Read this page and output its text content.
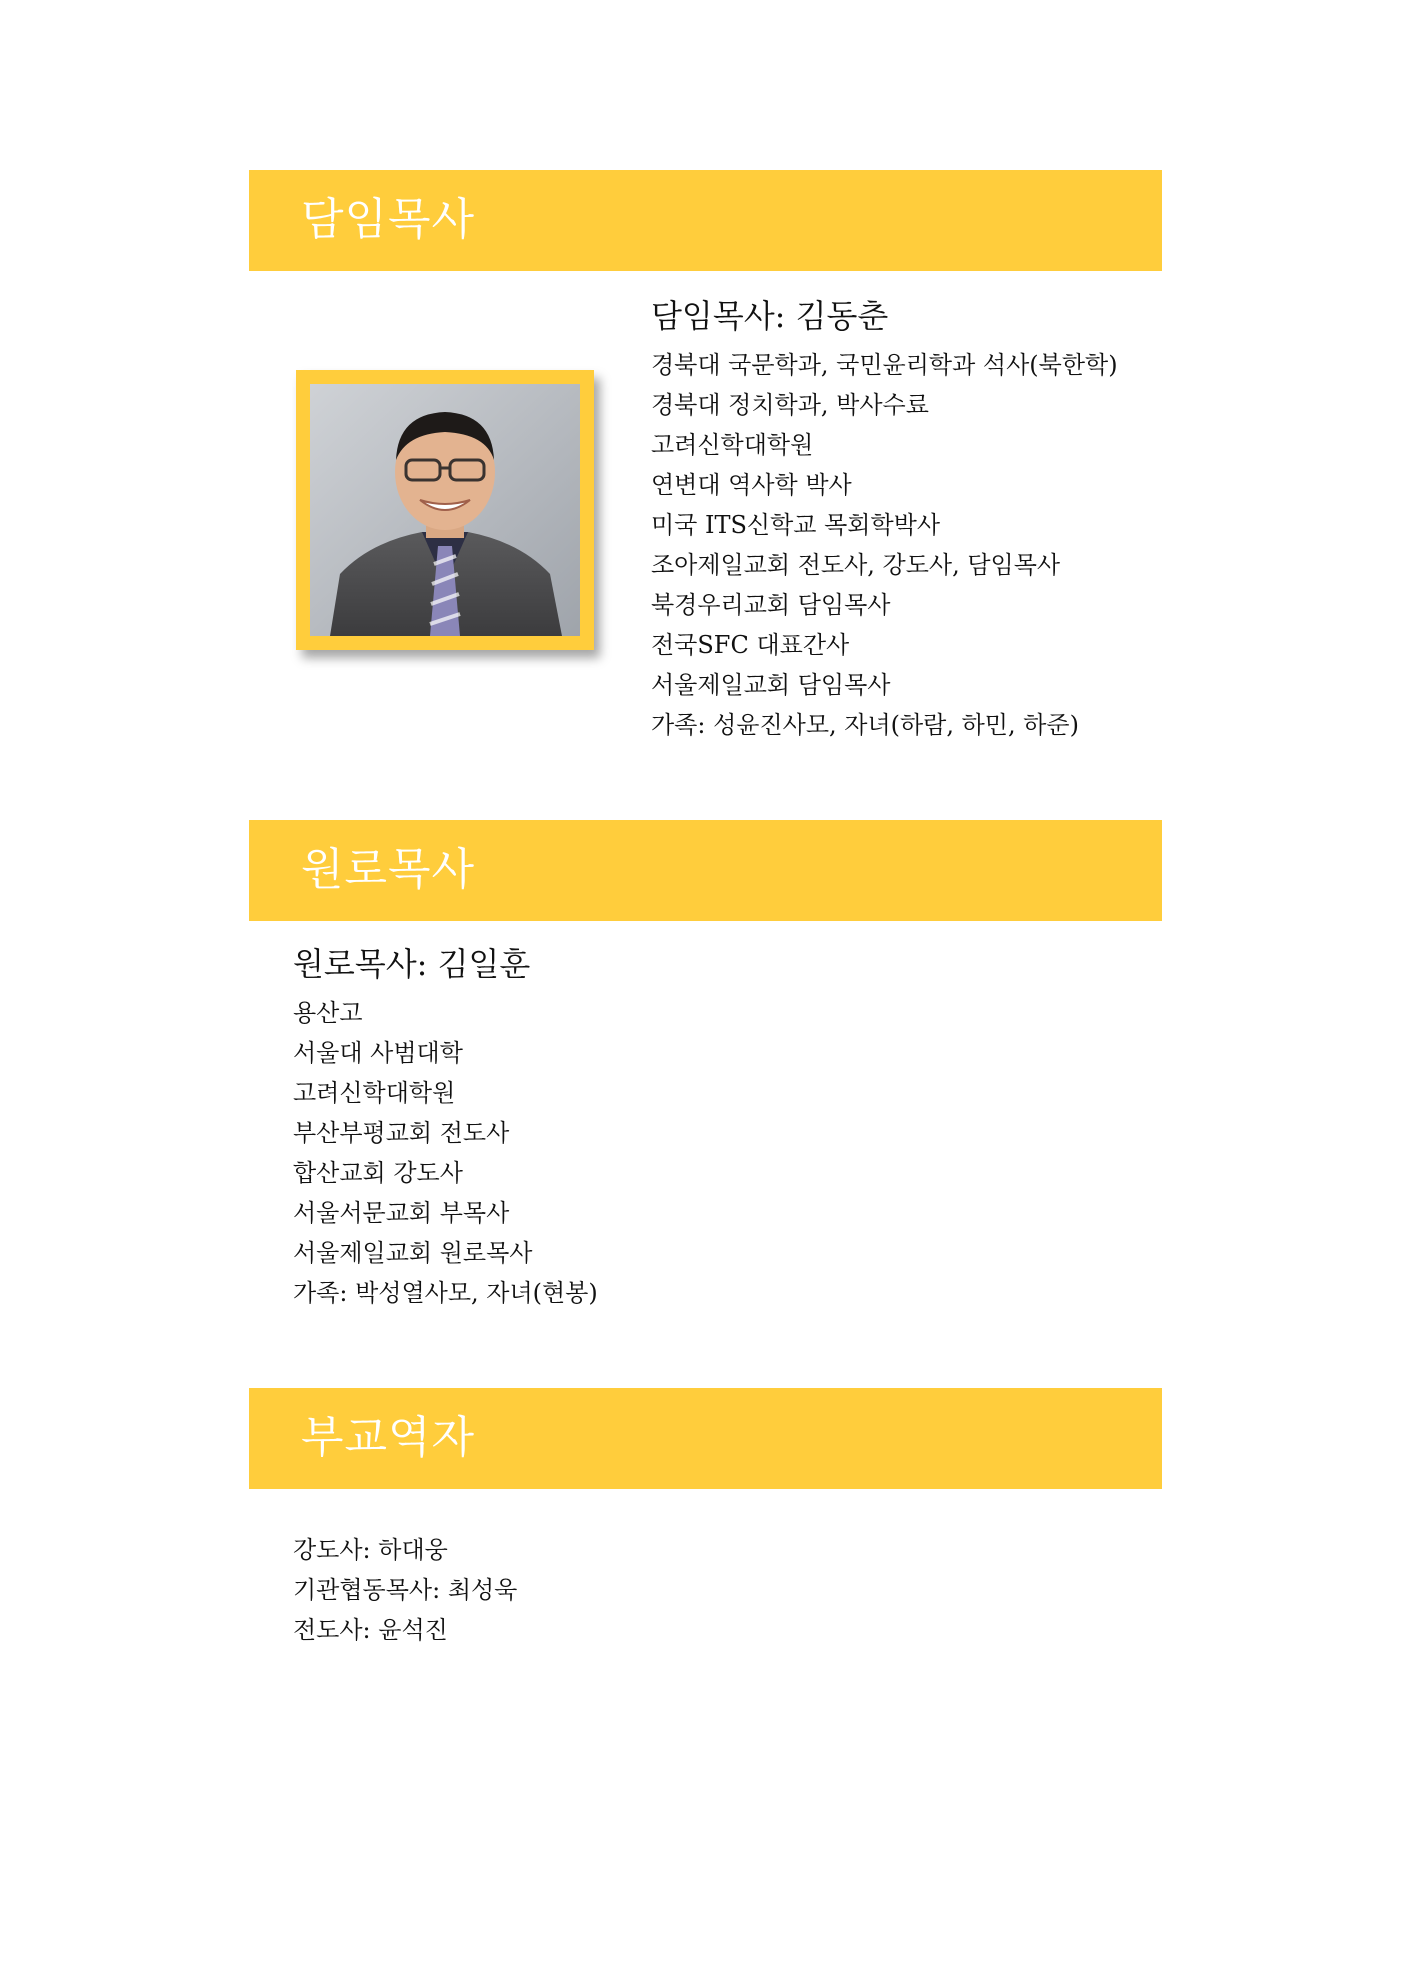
담임목사
담임목사: 김동춘
경북대 국문학과, 국민윤리학과 석사(북한학)
경북대 정치학과, 박사수료
고려신학대학원
연변대 역사학 박사
미국 ITS신학교 목회학박사
조아제일교회 전도사, 강도사, 담임목사
북경우리교회 담임목사
전국SFC 대표간사
서울제일교회 담임목사
가족: 성윤진사모, 자녀(하람, 하민, 하준)
원로목사
원로목사: 김일훈
용산고
서울대 사범대학
고려신학대학원
부산부평교회 전도사
합산교회 강도사
서울서문교회 부목사
서울제일교회 원로목사
가족: 박성열사모, 자녀(현봉)
부교역자
강도사: 하대웅
기관협동목사: 최성욱
전도사: 윤석진
